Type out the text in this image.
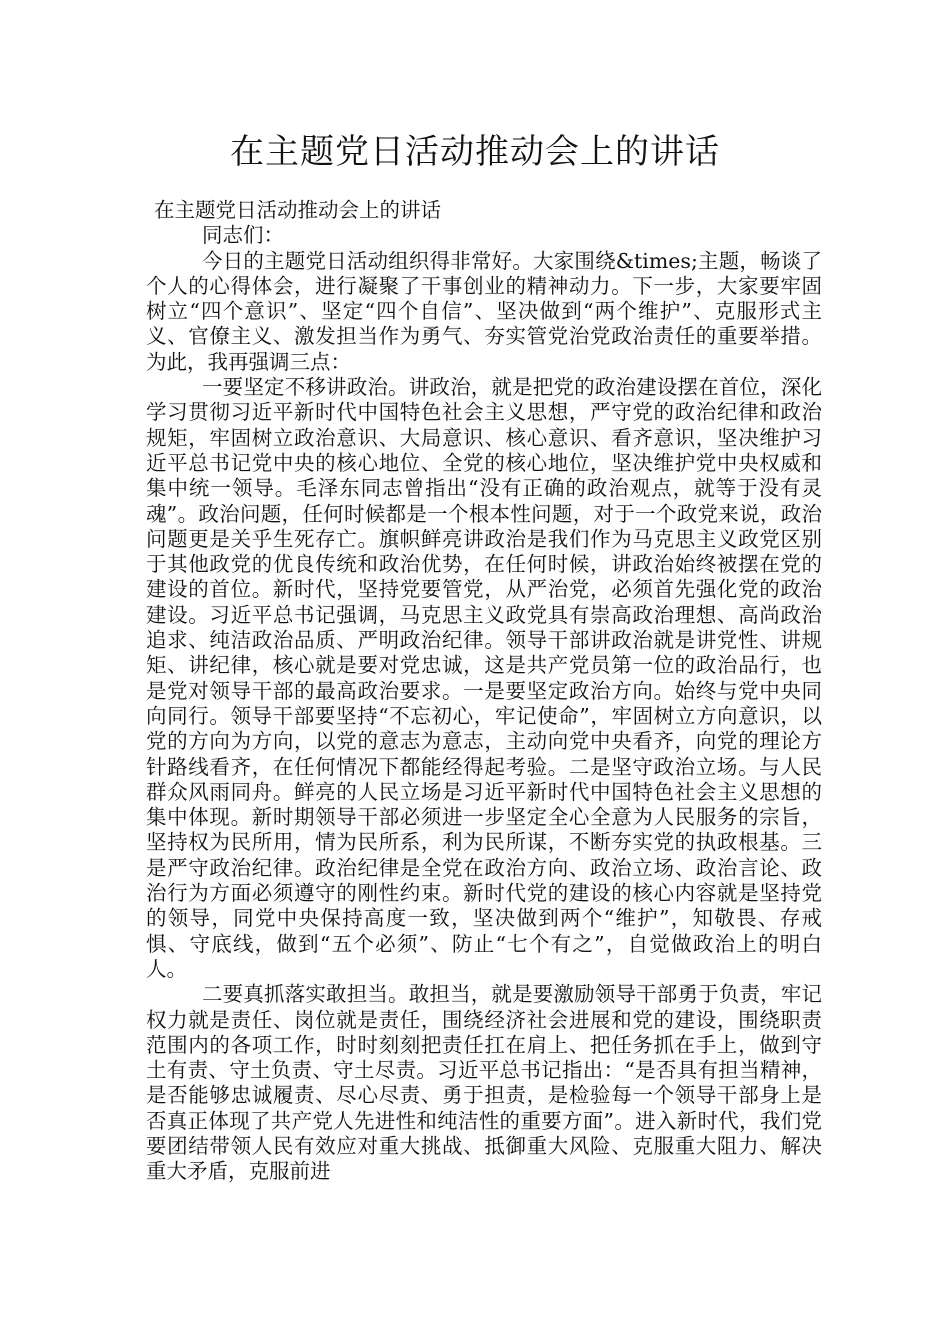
在主题党日活动推动会上的讲话

在主题党日活动推动会上的讲话

同志们：

今日的主题党日活动组织得非常好。大家围绕&times;主题，畅谈了个人的心得体会，进行凝聚了干事创业的精神动力。下一步，大家要牢固树立“四个意识”、坚定“四个自信”、坚决做到“两个维护”、克服形式主义、官僚主义、激发担当作为勇气、夯实管党治党政治责任的重要举措。为此，我再强调三点：

一要坚定不移讲政治。讲政治，就是把党的政治建设摆在首位，深化学习贯彻习近平新时代中国特色社会主义思想，严守党的政治纪律和政治规矩，牢固树立政治意识、大局意识、核心意识、看齐意识，坚决维护习近平总书记党中央的核心地位、全党的核心地位，坚决维护党中央权威和集中统一领导。毛泽东同志曾指出“没有正确的政治观点，就等于没有灵魂”。政治问题，任何时候都是一个根本性问题，对于一个政党来说，政治问题更是关乎生死存亡。旗帜鲜亮讲政治是我们作为马克思主义政党区别于其他政党的优良传统和政治优势，在任何时候，讲政治始终被摆在党的建设的首位。新时代，坚持党要管党，从严治党，必须首先强化党的政治建设。习近平总书记强调，马克思主义政党具有崇高政治理想、高尚政治追求、纯洁政治品质、严明政治纪律。领导干部讲政治就是讲党性、讲规矩、讲纪律，核心就是要对党忠诚，这是共产党员第一位的政治品行，也是党对领导干部的最高政治要求。一是要坚定政治方向。始终与党中央同向同行。领导干部要坚持“不忘初心，牢记使命”，牢固树立方向意识，以党的方向为方向，以党的意志为意志，主动向党中央看齐，向党的理论方针路线看齐，在任何情况下都能经得起考验。二是坚守政治立场。与人民群众风雨同舟。鲜亮的人民立场是习近平新时代中国特色社会主义思想的集中体现。新时期领导干部必须进一步坚定全心全意为人民服务的宗旨，坚持权为民所用，情为民所系，利为民所谋，不断夯实党的执政根基。三是严守政治纪律。政治纪律是全党在政治方向、政治立场、政治言论、政治行为方面必须遵守的刚性约束。新时代党的建设的核心内容就是坚持党的领导，同党中央保持高度一致，坚决做到两个“维护”，知敬畏、存戒惧、守底线，做到“五个必须”、防止“七个有之”，自觉做政治上的明白人。

二要真抓落实敢担当。敢担当，就是要激励领导干部勇于负责，牢记权力就是责任、岗位就是责任，围绕经济社会进展和党的建设，围绕职责范围内的各项工作，时时刻刻把责任扛在肩上、把任务抓在手上，做到守土有责、守土负责、守土尽责。习近平总书记指出：“是否具有担当精神，是否能够忠诚履责、尽心尽责、勇于担责，是检验每一个领导干部身上是否真正体现了共产党人先进性和纯洁性的重要方面”。进入新时代，我们党要团结带领人民有效应对重大挑战、抵御重大风险、克服重大阻力、解决重大矛盾，克服前进
